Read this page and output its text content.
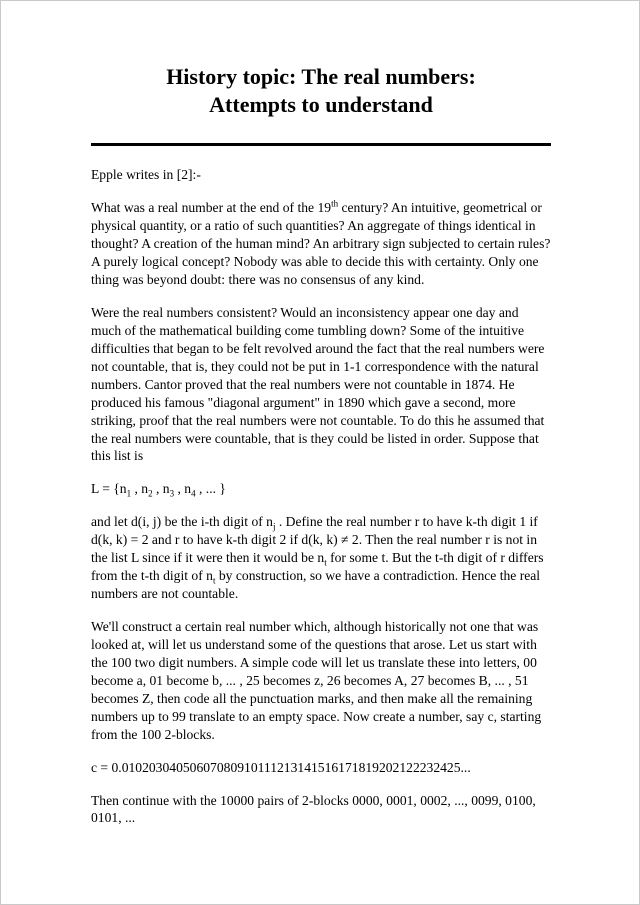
History topic: The real numbers:
Attempts to understand

Epple writes in [2]:-

What was a real number at the end of the 19th century? An intuitive, geometrical or physical quantity, or a ratio of such quantities? An aggregate of things identical in thought? A creation of the human mind? An arbitrary sign subjected to certain rules? A purely logical concept? Nobody was able to decide this with certainty. Only one thing was beyond doubt: there was no consensus of any kind.

Were the real numbers consistent? Would an inconsistency appear one day and much of the mathematical building come tumbling down? Some of the intuitive difficulties that began to be felt revolved around the fact that the real numbers were not countable, that is, they could not be put in 1-1 correspondence with the natural numbers. Cantor proved that the real numbers were not countable in 1874. He produced his famous "diagonal argument" in 1890 which gave a second, more striking, proof that the real numbers were not countable. To do this he assumed that the real numbers were countable, that is they could be listed in order. Suppose that this list is

$L = \{n_1$ , $n_2$ , $n_3$ , $n_4$ , ... }

and let d(i, j) be the i-th digit of $n_j$ . Define the real number r to have k-th digit 1 if d(k, k) = 2 and r to have k-th digit 2 if d(k, k) ≠ 2. Then the real number r is not in the list L since if it were then it would be $n_t$ for some t. But the t-th digit of r differs from the t-th digit of $n_t$ by construction, so we have a contradiction. Hence the real numbers are not countable.

We'll construct a certain real number which, although historically not one that was looked at, will let us understand some of the questions that arose. Let us start with the 100 two digit numbers. A simple code will let us translate these into letters, 00 become a, 01 become b, ... , 25 becomes z, 26 becomes A, 27 becomes B, ... , 51 becomes Z, then code all the punctuation marks, and then make all the remaining numbers up to 99 translate to an empty space. Now create a number, say c, starting from the 100 2-blocks.

c = 0.01020304050607080910111213141516171819202122232425...

Then continue with the 10000 pairs of 2-blocks 0000, 0001, 0002, ..., 0099, 0100, 0101, ...
